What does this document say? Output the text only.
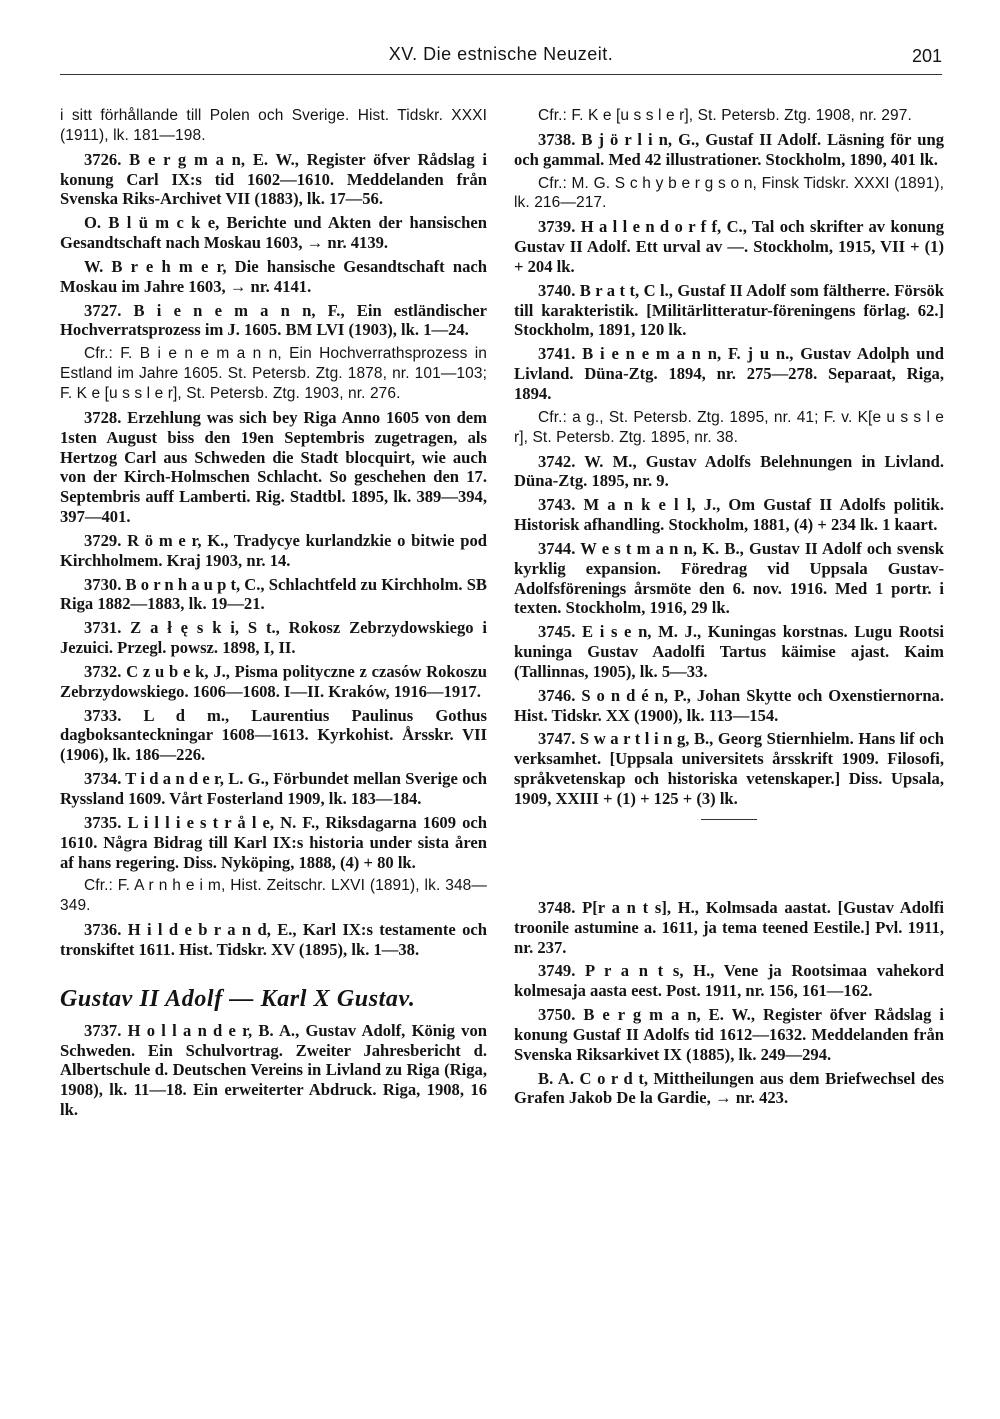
XV. Die estnische Neuzeit.	201

i sitt förhållande till Polen och Sverige. Hist. Tidskr. XXXI (1911), lk. 181—198.

3726. B e r g m a n, E. W., Register öfver Rådslag i konung Carl IX:s tid 1602—1610. Meddelanden från Svenska Riks-Archivet VII (1883), lk. 17—56.

O. B l ü m c k e, Berichte und Akten der hansischen Gesandtschaft nach Moskau 1603, → nr. 4139.

W. B r e h m e r, Die hansische Gesandtschaft nach Moskau im Jahre 1603, → nr. 4141.

3727. B i e n e m a n n, F., Ein estländischer Hochverratsprozess im J. 1605. BM LVI (1903), lk. 1—24.

Cfr.: F. B i e n e m a n n, Ein Hochverrathsprozess in Estland im Jahre 1605. St. Petersb. Ztg. 1878, nr. 101—103; F. K e [u s s l e r], St. Petersb. Ztg. 1903, nr. 276.

3728. Erzehlung was sich bey Riga Anno 1605 von dem 1sten August biss den 19en Septembris zugetragen, als Hertzog Carl aus Schweden die Stadt blocquirt, wie auch von der Kirch-Holmschen Schlacht. So geschehen den 17. Septembris auff Lamberti. Rig. Stadtbl. 1895, lk. 389—394, 397—401.

3729. R ö m e r, K., Tradycye kurlandzkie o bitwie pod Kirchholmem. Kraj 1903, nr. 14.

3730. B o r n h a u p t, C., Schlachtfeld zu Kirchholm. SB Riga 1882—1883, lk. 19—21.

3731. Z a ł ę s k i, S t., Rokosz Zebrzydowskiego i Jezuici. Przegl. powsz. 1898, I, II.

3732. C z u b e k, J., Pisma polityczne z czasów Rokoszu Zebrzydowskiego. 1606—1608. I—II. Kraków, 1916—1917.

3733. L d m., Laurentius Paulinus Gothus dagboksanteckningar 1608—1613. Kyrkohist. Årsskr. VII (1906), lk. 186—226.

3734. T i d a n d e r, L. G., Förbundet mellan Sverige och Ryssland 1609. Vårt Fosterland 1909, lk. 183—184.

3735. L i l l i e s t r å l e, N. F., Riksdagarna 1609 och 1610. Några Bidrag till Karl IX:s historia under sista åren af hans regering. Diss. Nyköping, 1888, (4) + 80 lk.

Cfr.: F. A r n h e i m, Hist. Zeitschr. LXVI (1891), lk. 348—349.

3736. H i l d e b r a n d, E., Karl IX:s testamente och tronskiftet 1611. Hist. Tidskr. XV (1895), lk. 1—38.

Gustav II Adolf — Karl X Gustav.

3737. H o l l a n d e r, B. A., Gustav Adolf, König von Schweden. Ein Schulvortrag. Zweiter Jahresbericht d. Albertschule d. Deutschen Vereins in Livland zu Riga (Riga, 1908), lk. 11—18. Ein erweiterter Abdruck. Riga, 1908, 16 lk.

Cfr.: F. K e [u s s l e r], St. Petersb. Ztg. 1908, nr. 297.

3738. B j ö r l i n, G., Gustaf II Adolf. Läsning för ung och gammal. Med 42 illustrationer. Stockholm, 1890, 401 lk.

Cfr.: M. G. S c h y b e r g s o n, Finsk Tidskr. XXXI (1891), lk. 216—217.

3739. H a l l e n d o r f f, C., Tal och skrifter av konung Gustav II Adolf. Ett urval av —. Stockholm, 1915, VII + (1) + 204 lk.

3740. B r a t t, C l., Gustaf II Adolf som fältherre. Försök till karakteristik. [Militärlitteratur-föreningens förlag. 62.] Stockholm, 1891, 120 lk.

3741. B i e n e m a n n, F. j u n., Gustav Adolph und Livland. Düna-Ztg. 1894, nr. 275—278. Separaat, Riga, 1894.

Cfr.: a g., St. Petersb. Ztg. 1895, nr. 41; F. v. K[e u s s l e r], St. Petersb. Ztg. 1895, nr. 38.

3742. W. M., Gustav Adolfs Belehnungen in Livland. Düna-Ztg. 1895, nr. 9.

3743. M a n k e l l, J., Om Gustaf II Adolfs politik. Historisk afhandling. Stockholm, 1881, (4) + 234 lk. 1 kaart.

3744. W e s t m a n n, K. B., Gustav II Adolf och svensk kyrklig expansion. Föredrag vid Uppsala Gustav-Adolfsförenings årsmöte den 6. nov. 1916. Med 1 portr. i texten. Stockholm, 1916, 29 lk.

3745. E i s e n, M. J., Kuningas korstnas. Lugu Rootsi kuninga Gustav Aadolfi Tartus käimise ajast. Kaim (Tallinnas, 1905), lk. 5—33.

3746. S o n d é n, P., Johan Skytte och Oxenstiernorna. Hist. Tidskr. XX (1900), lk. 113—154.

3747. S w a r t l i n g, B., Georg Stiernhielm. Hans lif och verksamhet. [Uppsala universitets årsskrift 1909. Filosofi, språkvetenskap och historiska vetenskaper.] Diss. Upsala, 1909, XXIII + (1) + 125 + (3) lk.

3748. P[r a n t s], H., Kolmsada aastat. [Gustav Adolfi troonile astumine a. 1611, ja tema teened Eestile.] Pvl. 1911, nr. 237.

3749. P r a n t s, H., Vene ja Rootsimaa vahekord kolmesaja aasta eest. Post. 1911, nr. 156, 161—162.

3750. B e r g m a n, E. W., Register öfver Rådslag i konung Gustaf II Adolfs tid 1612—1632. Meddelanden från Svenska Riksarkivet IX (1885), lk. 249—294.

B. A. C o r d t, Mittheilungen aus dem Briefwechsel des Grafen Jakob De la Gardie, → nr. 423.
